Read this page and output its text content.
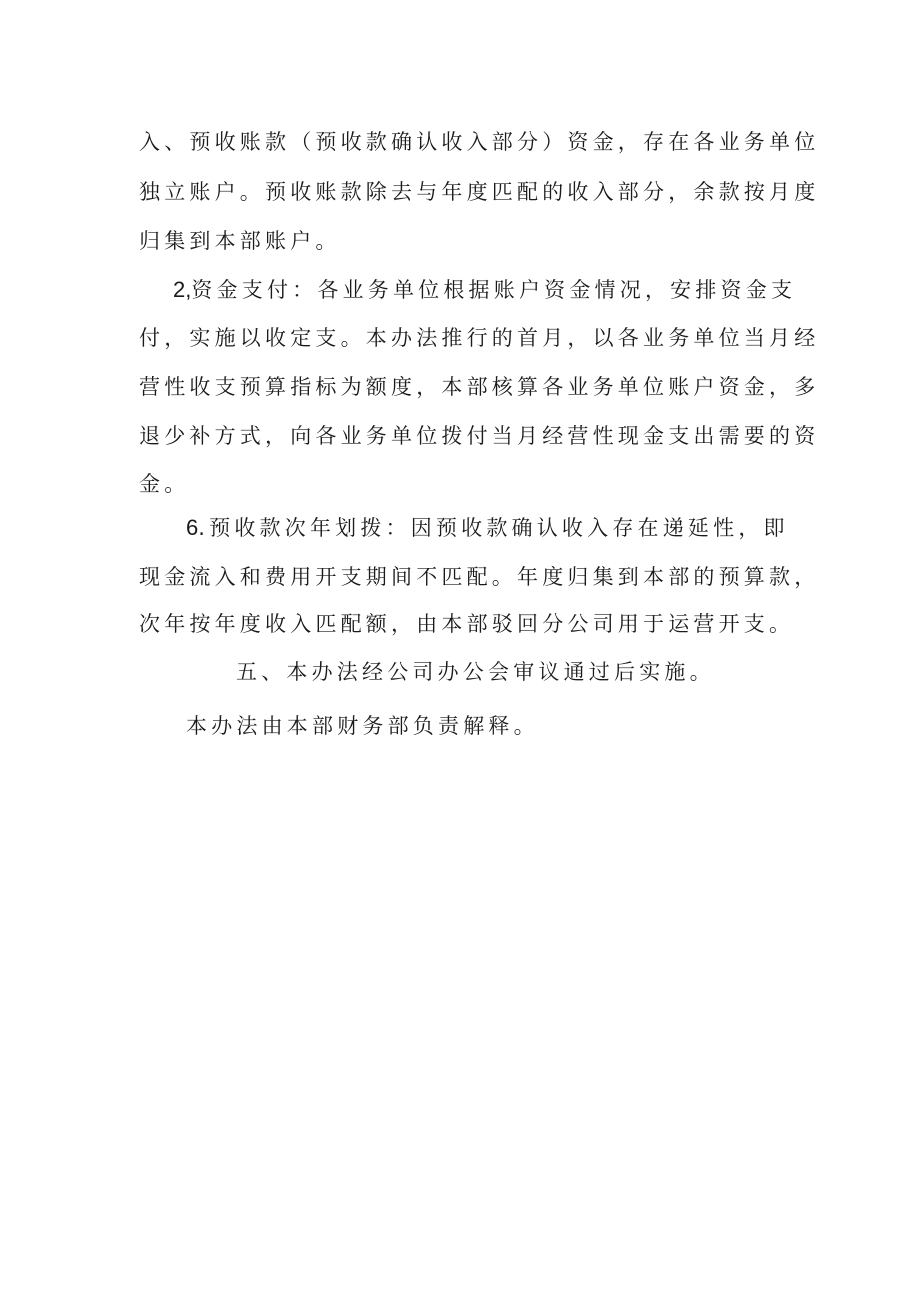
入、预收账款（预收款确认收入部分）资金，存在各业务单位
独立账户。预收账款除去与年度匹配的收入部分，余款按月度
归集到本部账户。
2,资金支付：各业务单位根据账户资金情况，安排资金支
付，实施以收定支。本办法推行的首月，以各业务单位当月经
营性收支预算指标为额度，本部核算各业务单位账户资金，多
退少补方式，向各业务单位拨付当月经营性现金支出需要的资
金。
6.预收款次年划拨：因预收款确认收入存在递延性，即
现金流入和费用开支期间不匹配。年度归集到本部的预算款，
次年按年度收入匹配额，由本部驳回分公司用于运营开支。
五、本办法经公司办公会审议通过后实施。
本办法由本部财务部负责解释。
